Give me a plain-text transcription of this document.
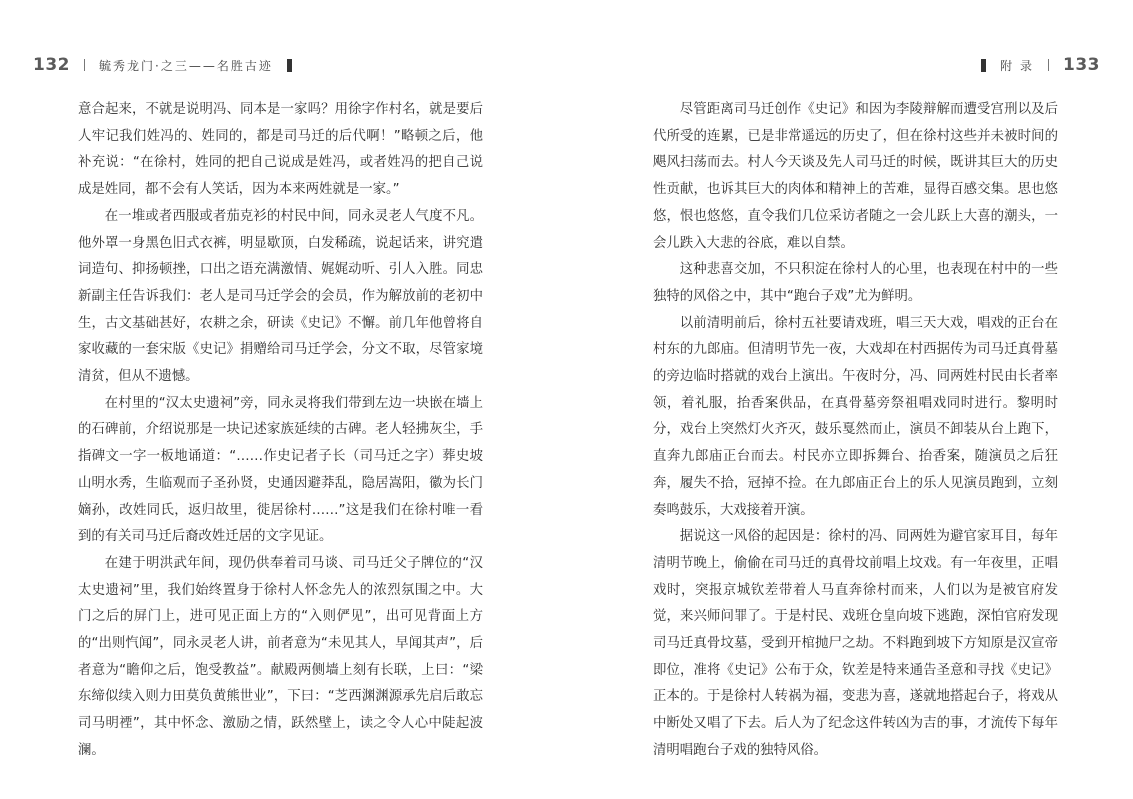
132 毓秀龙门·之三——名胜古迹

意合起来，不就是说明冯、同本是一家吗？用徐字作村名，就是要后人牢记我们姓冯的、姓同的，都是司马迁的后代啊！”略顿之后，他补充说：“在徐村，姓同的把自己说成是姓冯，或者姓冯的把自己说成是姓同，都不会有人笑话，因为本来两姓就是一家。”

在一堆或者西服或者茄克衫的村民中间，同永灵老人气度不凡。他外罩一身黑色旧式衣裤，明显歇顶，白发稀疏，说起话来，讲究遣词造句、抑扬顿挫，口出之语充满激情、娓娓动听、引人入胜。同忠新副主任告诉我们：老人是司马迁学会的会员，作为解放前的老初中生，古文基础甚好，农耕之余，研读《史记》不懈。前几年他曾将自家收藏的一套宋版《史记》捐赠给司马迁学会，分文不取，尽管家境清贫，但从不遗憾。

在村里的“汉太史遗祠”旁，同永灵将我们带到左边一块嵌在墙上的石碑前，介绍说那是一块记述家族延续的古碑。老人轻拂灰尘，手指碑文一字一板地诵道：“……作史记者子长（司马迁之字）葬史坡山明水秀，生临观而子圣孙贤，史通因避莽乱，隐居嵩阳，徽为长门嫡孙，改姓同氏，返归故里，徙居徐村……”这是我们在徐村唯一看到的有关司马迁后裔改姓迁居的文字见证。

在建于明洪武年间，现仍供奉着司马谈、司马迁父子牌位的“汉太史遗祠”里，我们始终置身于徐村人怀念先人的浓烈氛围之中。大门之后的屏门上，进可见正面上方的“入则俨见”，出可见背面上方的“出则忾闻”，同永灵老人讲，前者意为“未见其人，早闻其声”，后者意为“瞻仰之后，饱受教益”。献殿两侧墙上刻有长联，上曰：“梁东缔似续入则力田莫负黄熊世业”，下曰：“芝西渊渊源承先启后敢忘司马明禋”，其中怀念、激励之情，跃然壁上，读之令人心中陡起波澜。

附 录 133

尽管距离司马迁创作《史记》和因为李陵辩解而遭受宫刑以及后代所受的连累，已是非常遥远的历史了，但在徐村这些并未被时间的飓风扫荡而去。村人今天谈及先人司马迁的时候，既讲其巨大的历史性贡献，也诉其巨大的肉体和精神上的苦难，显得百感交集。思也悠悠，恨也悠悠，直令我们几位采访者随之一会儿跃上大喜的潮头，一会儿跌入大悲的谷底，难以自禁。

这种悲喜交加，不只积淀在徐村人的心里，也表现在村中的一些独特的风俗之中，其中“跑台子戏”尤为鲜明。

以前清明前后，徐村五社要请戏班，唱三天大戏，唱戏的正台在村东的九郎庙。但清明节先一夜，大戏却在村西据传为司马迁真骨墓的旁边临时搭就的戏台上演出。午夜时分，冯、同两姓村民由长者率领，着礼服，抬香案供品，在真骨墓旁祭祖唱戏同时进行。黎明时分，戏台上突然灯火齐灭，鼓乐戛然而止，演员不卸装从台上跑下，直奔九郎庙正台而去。村民亦立即拆舞台、抬香案，随演员之后狂奔，履失不拾，冠掉不捡。在九郎庙正台上的乐人见演员跑到，立刻奏鸣鼓乐，大戏接着开演。

据说这一风俗的起因是：徐村的冯、同两姓为避官家耳目，每年清明节晚上，偷偷在司马迁的真骨坟前唱上坟戏。有一年夜里，正唱戏时，突报京城钦差带着人马直奔徐村而来，人们以为是被官府发觉，来兴师问罪了。于是村民、戏班仓皇向坡下逃跑，深怕官府发现司马迁真骨坟墓，受到开棺抛尸之劫。不料跑到坡下方知原是汉宣帝即位，准将《史记》公布于众，钦差是特来通告圣意和寻找《史记》正本的。于是徐村人转祸为福，变悲为喜，遂就地搭起台子，将戏从中断处又唱了下去。后人为了纪念这件转凶为吉的事，才流传下每年清明唱跑台子戏的独特风俗。
